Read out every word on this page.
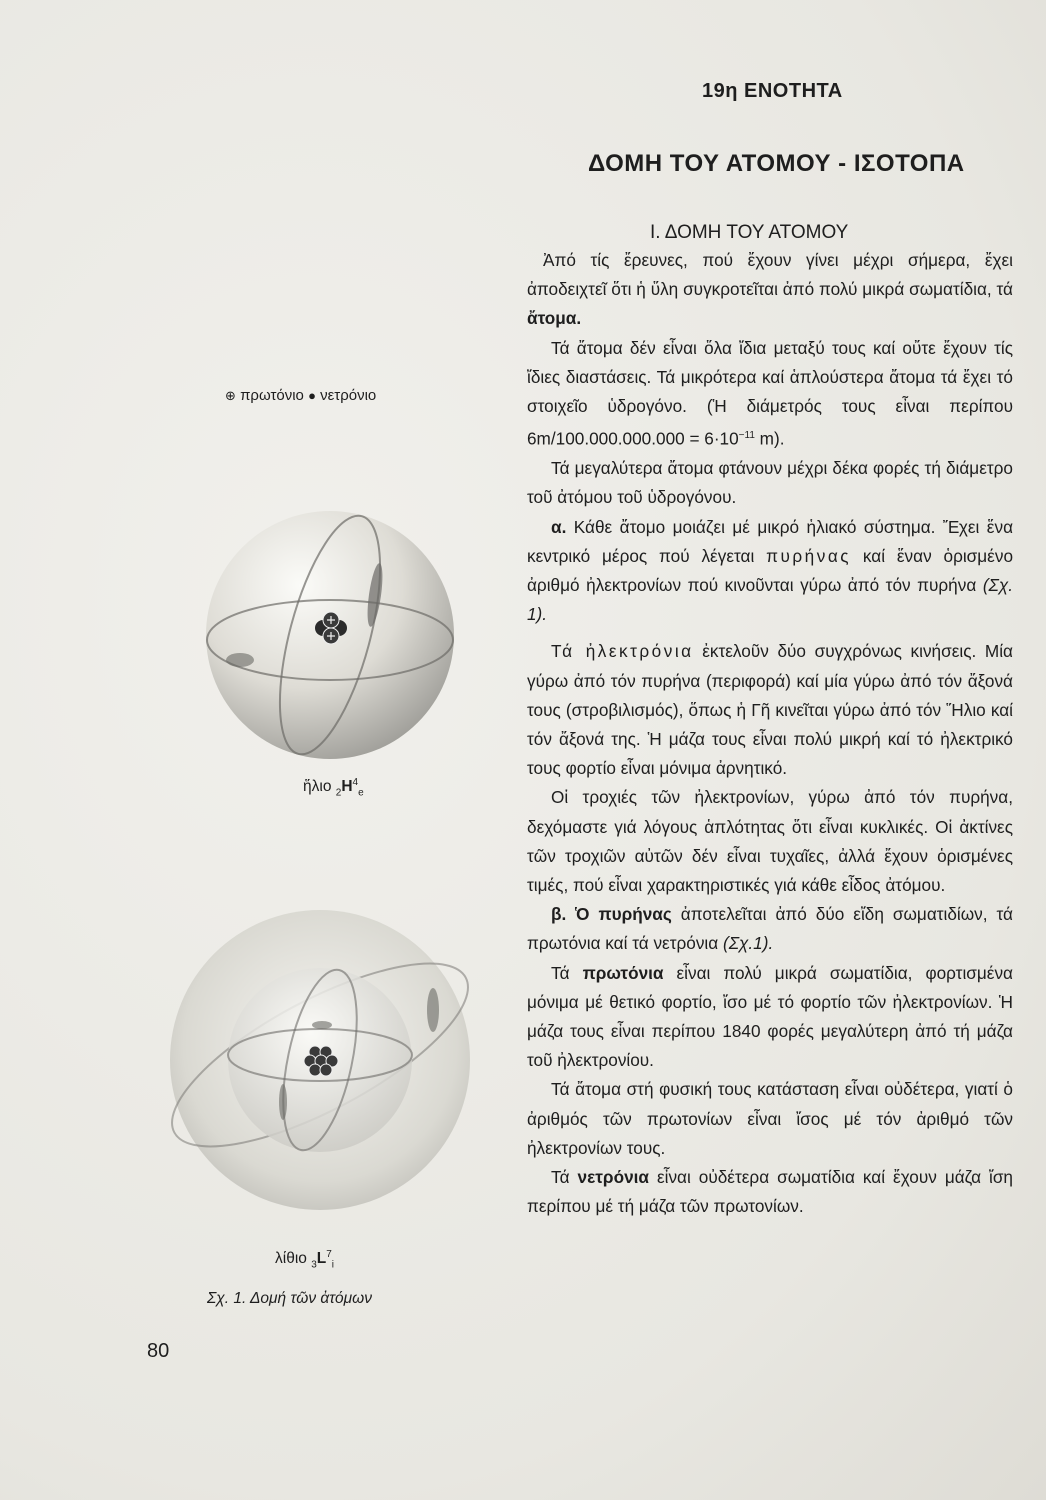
19η ΕΝΟΤΗΤΑ
ΔΟΜΗ ΤΟΥ ΑΤΟΜΟΥ - ΙΣΟΤΟΠΑ
Ι. ΔΟΜΗ ΤΟΥ ΑΤΟΜΟΥ

Ἀπό τίς ἔρευνες, πού ἔχουν γίνει μέχρι σήμερα, ἔχει ἀποδειχτεῖ ὅτι ἡ ὕλη συγκροτεῖται ἀπό πολύ μικρά σωματίδια, τά ἄτομα.

Τά ἄτομα δέν εἶναι ὅλα ἴδια μεταξύ τους καί οὔτε ἔχουν τίς ἴδιες διαστάσεις. Τά μικρότερα καί ἁπλούστερα ἄτομα τά ἔχει τό στοιχεῖο ὑδρογόνο. (Ἡ διάμετρός τους εἶναι περίπου $6m/100.000.000.000 = 6\cdot 10^{-11}$ m).

Τά μεγαλύτερα ἄτομα φτάνουν μέχρι δέκα φορές τή διάμετρο τοῦ ἀτόμου τοῦ ὑδρογόνου.

α. Κάθε ἄτομο μοιάζει μέ μικρό ἡλιακό σύστημα. Ἔχει ἕνα κεντρικό μέρος πού λέγεται πυρήνας καί ἕναν ὁρισμένο ἀριθμό ἠλεκτρονίων πού κινοῦνται γύρω ἀπό τόν πυρήνα (Σχ. 1).

Τά ἠλεκτρόνια ἐκτελοῦν δύο συγχρόνως κινήσεις. Μία γύρω ἀπό τόν πυρήνα (περιφορά) καί μία γύρω ἀπό τόν ἄξονά τους (στροβιλισμός), ὅπως ἡ Γῆ κινεῖται γύρω ἀπό τόν Ἥλιο καί τόν ἄξονά της. Ἡ μάζα τους εἶναι πολύ μικρή καί τό ἠλεκτρικό τους φορτίο εἶναι μόνιμα ἀρνητικό.

Οἱ τροχιές τῶν ἠλεκτρονίων, γύρω ἀπό τόν πυρήνα, δεχόμαστε γιά λόγους ἁπλότητας ὅτι εἶναι κυκλικές. Οἱ ἀκτίνες τῶν τροχιῶν αὐτῶν δέν εἶναι τυχαῖες, ἀλλά ἔχουν ὁρισμένες τιμές, πού εἶναι χαρακτηριστικές γιά κάθε εἶδος ἀτόμου.

β. Ὁ πυρήνας ἀποτελεῖται ἀπό δύο εἴδη σωματιδίων, τά πρωτόνια καί τά νετρόνια (Σχ.1).

Τά πρωτόνια εἶναι πολύ μικρά σωματίδια, φορτισμένα μόνιμα μέ θετικό φορτίο, ἴσο μέ τό φορτίο τῶν ἠλεκτρονίων. Ἡ μάζα τους εἶναι περίπου 1840 φορές μεγαλύτερη ἀπό τή μάζα τοῦ ἠλεκτρονίου.

Τά ἄτομα στή φυσική τους κατάσταση εἶναι οὐδέτερα, γιατί ὁ ἀριθμός τῶν πρωτονίων εἶναι ἴσος μέ τόν ἀριθμό τῶν ἠλεκτρονίων τους.

Τά νετρόνια εἶναι οὐδέτερα σωματίδια καί ἔχουν μάζα ἴση περίπου μέ τή μάζα τῶν πρωτονίων.

⊕ πρωτόνιο ● νετρόνιο
ἥλιο $_2H^4_e$
λίθιο $_3L^7_i$
Σχ. 1. Δομή τῶν ἀτόμων
80
